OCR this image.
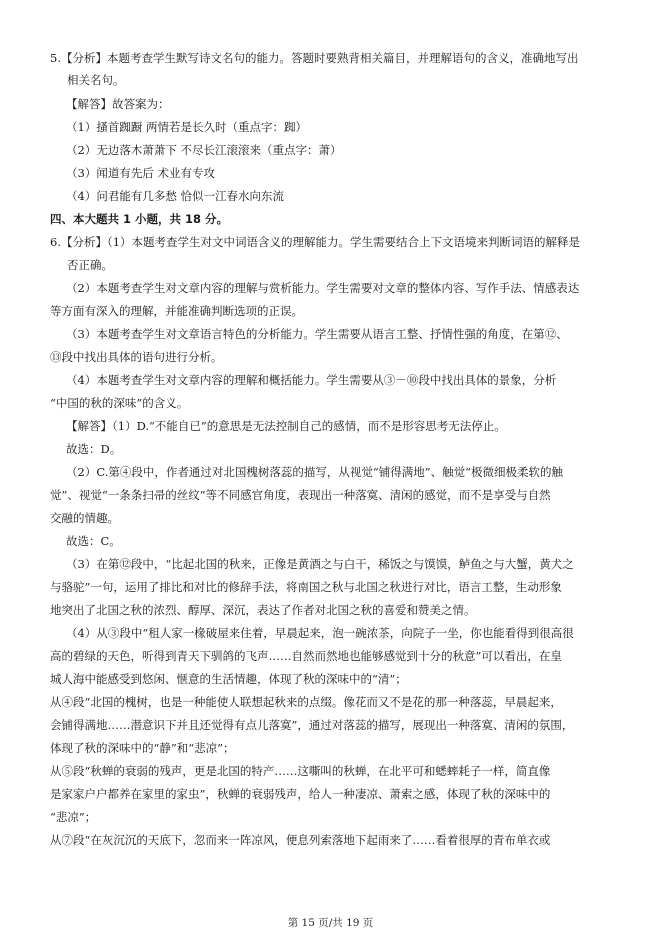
5.【分析】本题考查学生默写诗文名句的能力。答题时要熟背相关篇目，并理解语句的含义，准确地写出
相关名句。
【解答】故答案为：
（1）搔首踟蹰 两情若是长久时（重点字：踟）
（2）无边落木萧萧下 不尽长江滚滚来（重点字：萧）
（3）闻道有先后 术业有专攻
（4）问君能有几多愁 恰似一江春水向东流
四、本大题共 1 小题，共 18 分。
6.【分析】（1）本题考查学生对文中词语含义的理解能力。学生需要结合上下文语境来判断词语的解释是
否正确。
（2）本题考查学生对文章内容的理解与赏析能力。学生需要对文章的整体内容、写作手法、情感表达
等方面有深入的理解，并能准确判断选项的正误。
（3）本题考查学生对文章语言特色的分析能力。学生需要从语言工整、抒情性强的角度，在第⑫、
⑬段中找出具体的语句进行分析。
（4）本题考查学生对文章内容的理解和概括能力。学生需要从③－⑩段中找出具体的景象，分析
“中国的秋的深味”的含义。
【解答】（1）D.“不能自已”的意思是无法控制自己的感情，而不是形容思考无法停止。
故选：D。
（2）C.第④段中，作者通过对北国槐树落蕊的描写，从视觉“铺得满地”、触觉“极微细极柔软的触
觉”、视觉“一条条扫帚的丝纹”等不同感官角度，表现出一种落寞、清闲的感觉，而不是享受与自然
交融的情趣。
故选：C。
（3）在第⑫段中，“比起北国的秋来，正像是黄酒之与白干，稀饭之与馍馍，鲈鱼之与大蟹，黄犬之
与骆驼”一句，运用了排比和对比的修辞手法，将南国之秋与北国之秋进行对比，语言工整，生动形象
地突出了北国之秋的浓烈、醇厚、深沉，表达了作者对北国之秋的喜爱和赞美之情。
（4）从③段中“租人家一椽破屋来住着，早晨起来，泡一碗浓茶，向院子一坐，你也能看得到很高很
高的碧绿的天色，听得到青天下驯鸽的飞声……自然而然地也能够感觉到十分的秋意”可以看出，在皇
城人海中能感受到悠闲、惬意的生活情趣，体现了秋的深味中的“清”；
从④段“北国的槐树，也是一种能使人联想起秋来的点缀。像花而又不是花的那一种落蕊，早晨起来，
会铺得满地……潜意识下并且还觉得有点儿落寞”，通过对落蕊的描写，展现出一种落寞、清闲的氛围，
体现了秋的深味中的“静”和“悲凉”；
从⑤段“秋蝉的衰弱的残声，更是北国的特产……这嘶叫的秋蝉，在北平可和蟋蟀耗子一样，简直像
是家家户户都养在家里的家虫”，秋蝉的衰弱残声，给人一种凄凉、萧索之感，体现了秋的深味中的
“悲凉”；
从⑦段“在灰沉沉的天底下，忽而来一阵凉风，便息列索落地下起雨来了……看着很厚的青布单衣或
第 15 页/共 19 页
